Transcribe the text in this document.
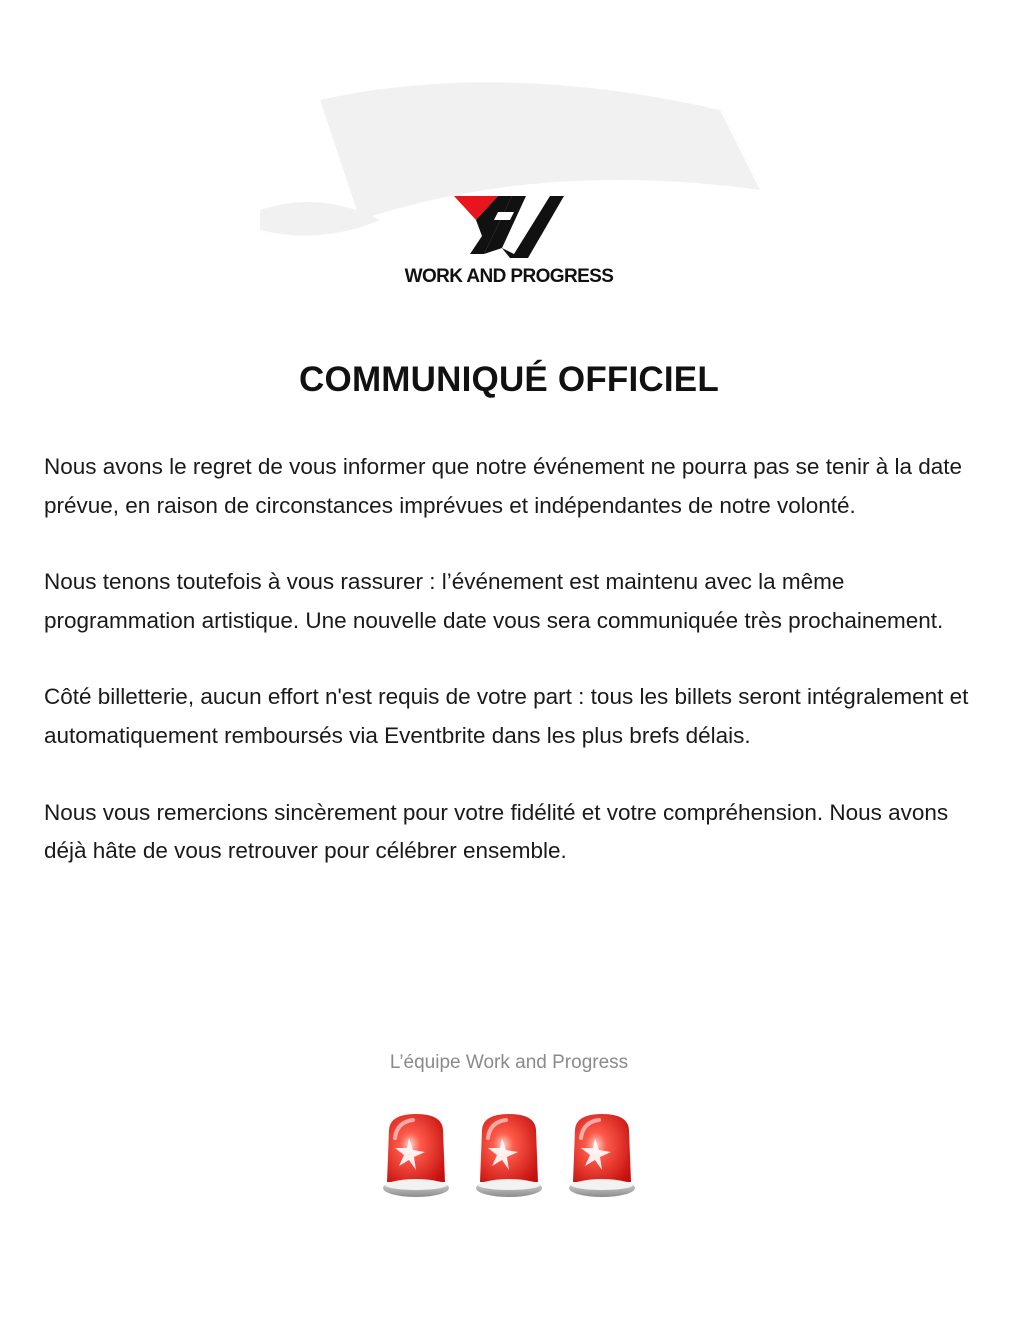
WORK AND PROGRESS
COMMUNIQUÉ OFFICIEL

Nous avons le regret de vous informer que notre événement ne pourra pas se tenir à la date prévue, en raison de circonstances imprévues et indépendantes de notre volonté.

Nous tenons toutefois à vous rassurer : l’événement est maintenu avec la même programmation artistique. Une nouvelle date vous sera communiquée très prochainement.

Côté billetterie, aucun effort n'est requis de votre part : tous les billets seront intégralement et automatiquement remboursés via Eventbrite dans les plus brefs délais.

Nous vous remercions sincèrement pour votre fidélité et votre compréhension. Nous avons déjà hâte de vous retrouver pour célébrer ensemble.

L’équipe Work and Progress
